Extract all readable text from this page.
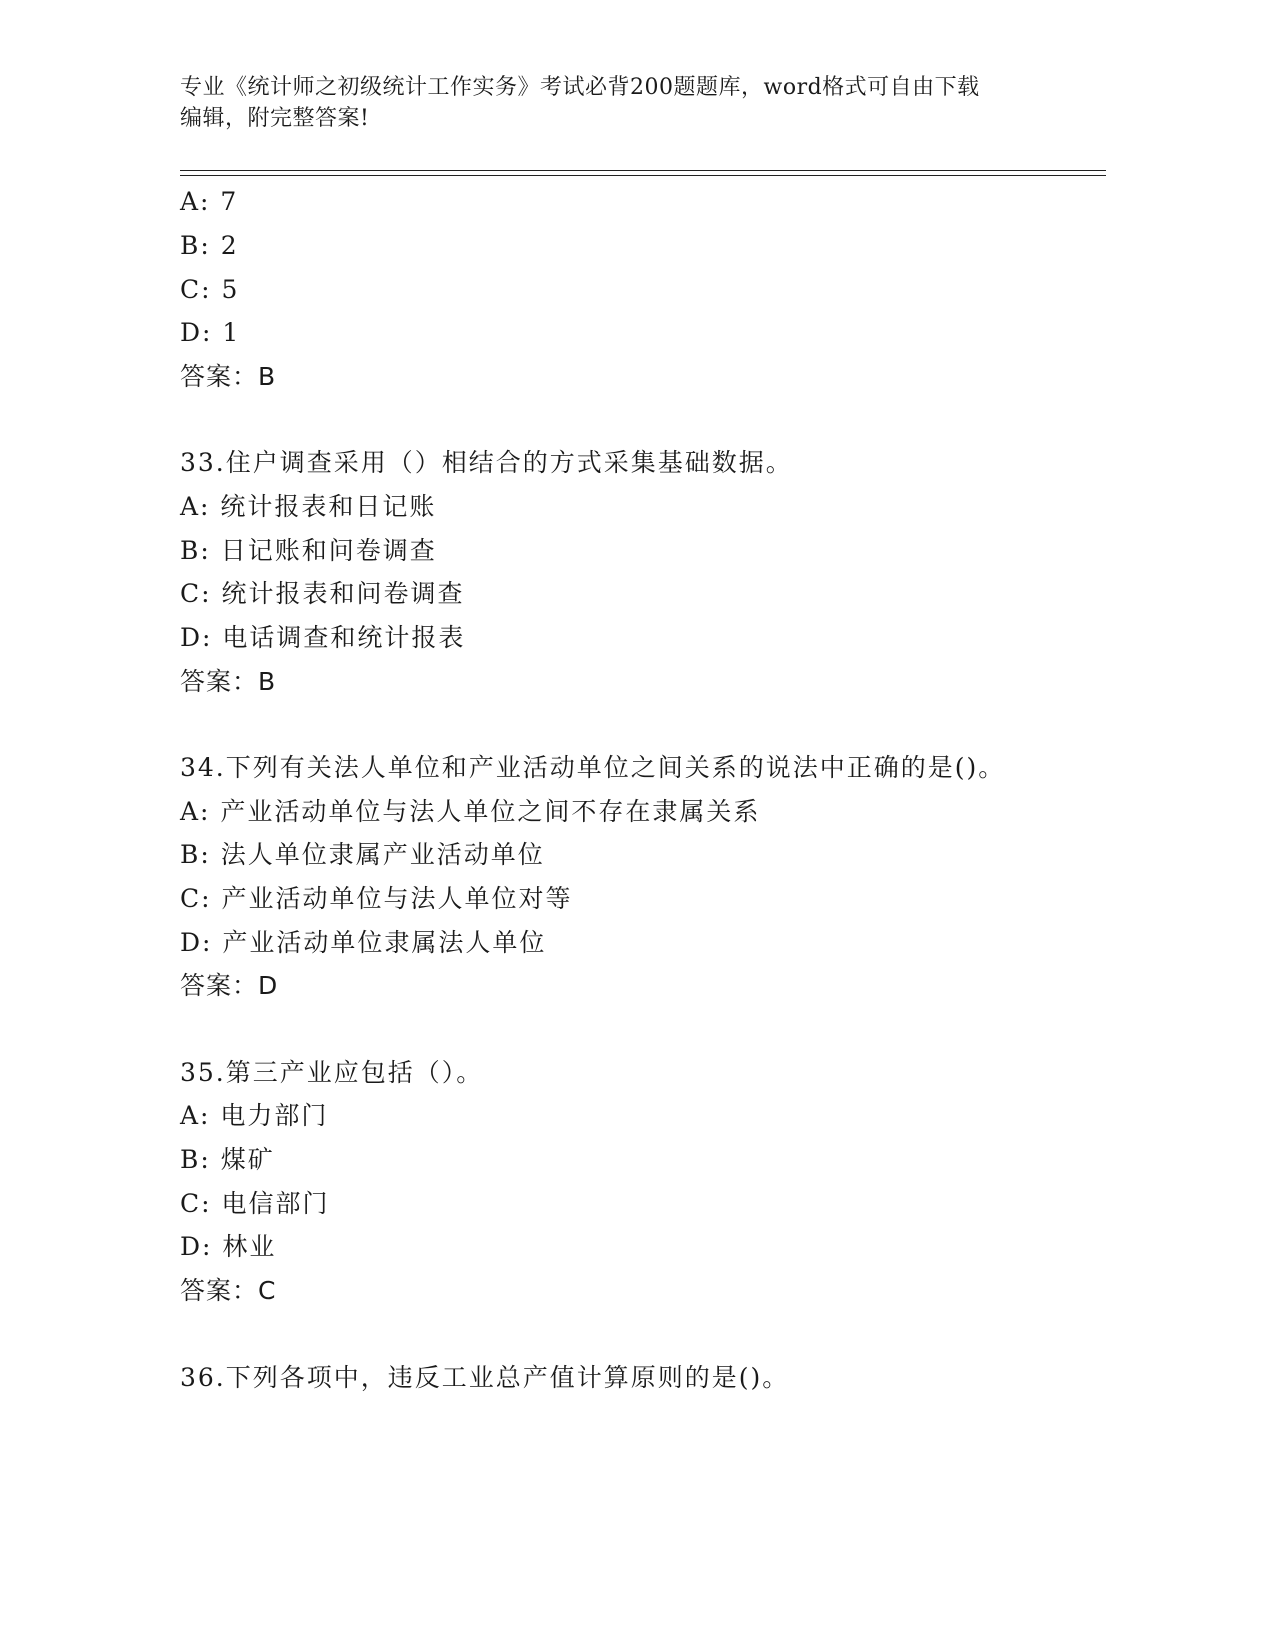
专业《统计师之初级统计工作实务》考试必背200题题库，word格式可自由下载
编辑，附完整答案!
A: 7
B: 2
C: 5
D: 1
答案：B
33.住户调查采用（）相结合的方式采集基础数据。
A: 统计报表和日记账
B: 日记账和问卷调查
C: 统计报表和问卷调查
D: 电话调查和统计报表
答案：B
34.下列有关法人单位和产业活动单位之间关系的说法中正确的是()。
A: 产业活动单位与法人单位之间不存在隶属关系
B: 法人单位隶属产业活动单位
C: 产业活动单位与法人单位对等
D: 产业活动单位隶属法人单位
答案：D
35.第三产业应包括（）。
A: 电力部门
B: 煤矿
C: 电信部门
D: 林业
答案：C
36.下列各项中，违反工业总产值计算原则的是()。
